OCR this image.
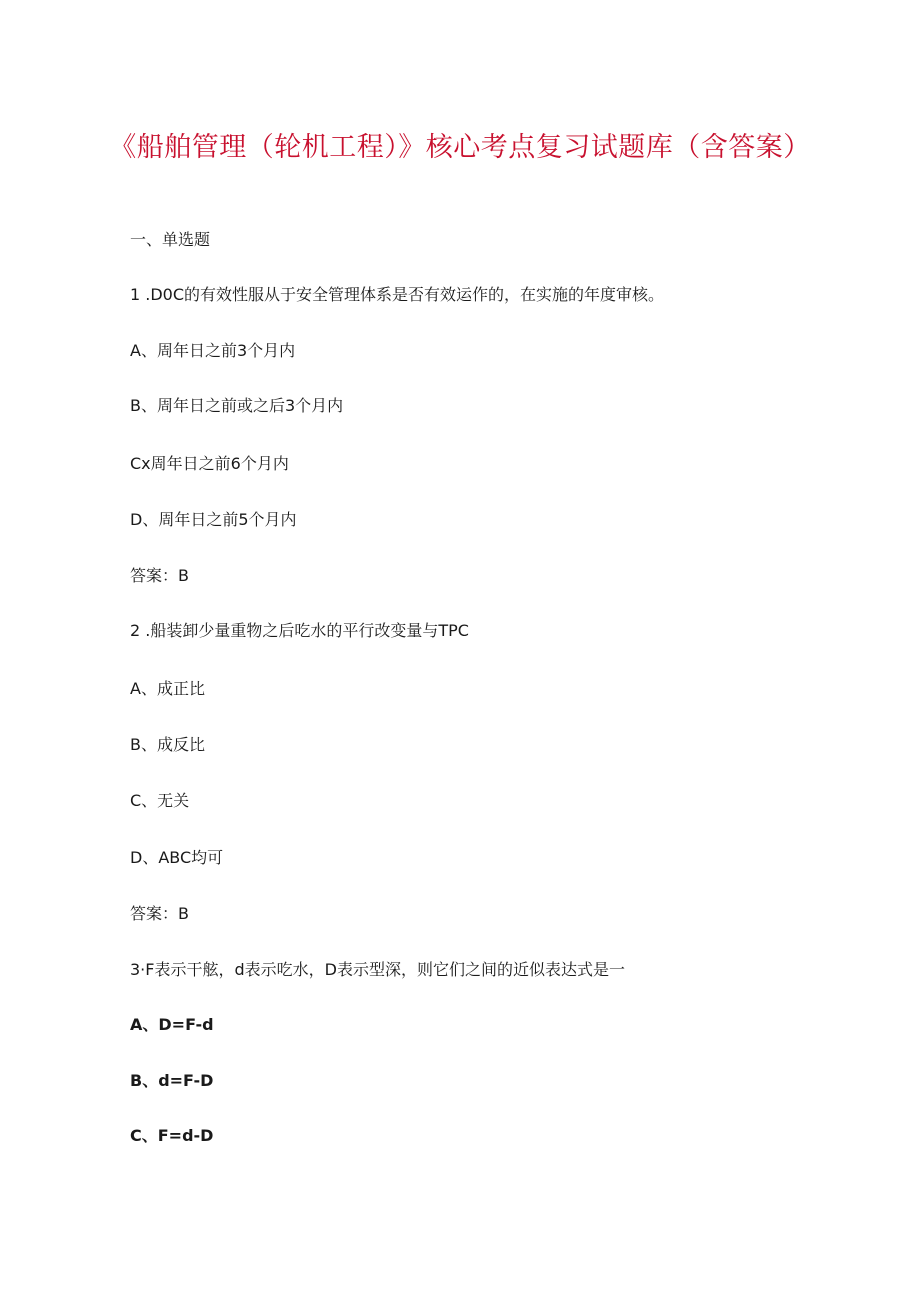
《船舶管理（轮机工程）》核心考点复习试题库（含答案）
一、单选题
1 .D0C的有效性服从于安全管理体系是否有效运作的，在实施的年度审核。
A、周年日之前3个月内
B、周年日之前或之后3个月内
Cx周年日之前6个月内
D、周年日之前5个月内
答案：B
2 .船装卸少量重物之后吃水的平行改变量与TPC
A、成正比
B、成反比
C、无关
D、ABC均可
答案：B
3·F表示干舷，d表示吃水，D表示型深，则它们之间的近似表达式是一
A、D=F-d
B、d=F-D
C、F=d-D
